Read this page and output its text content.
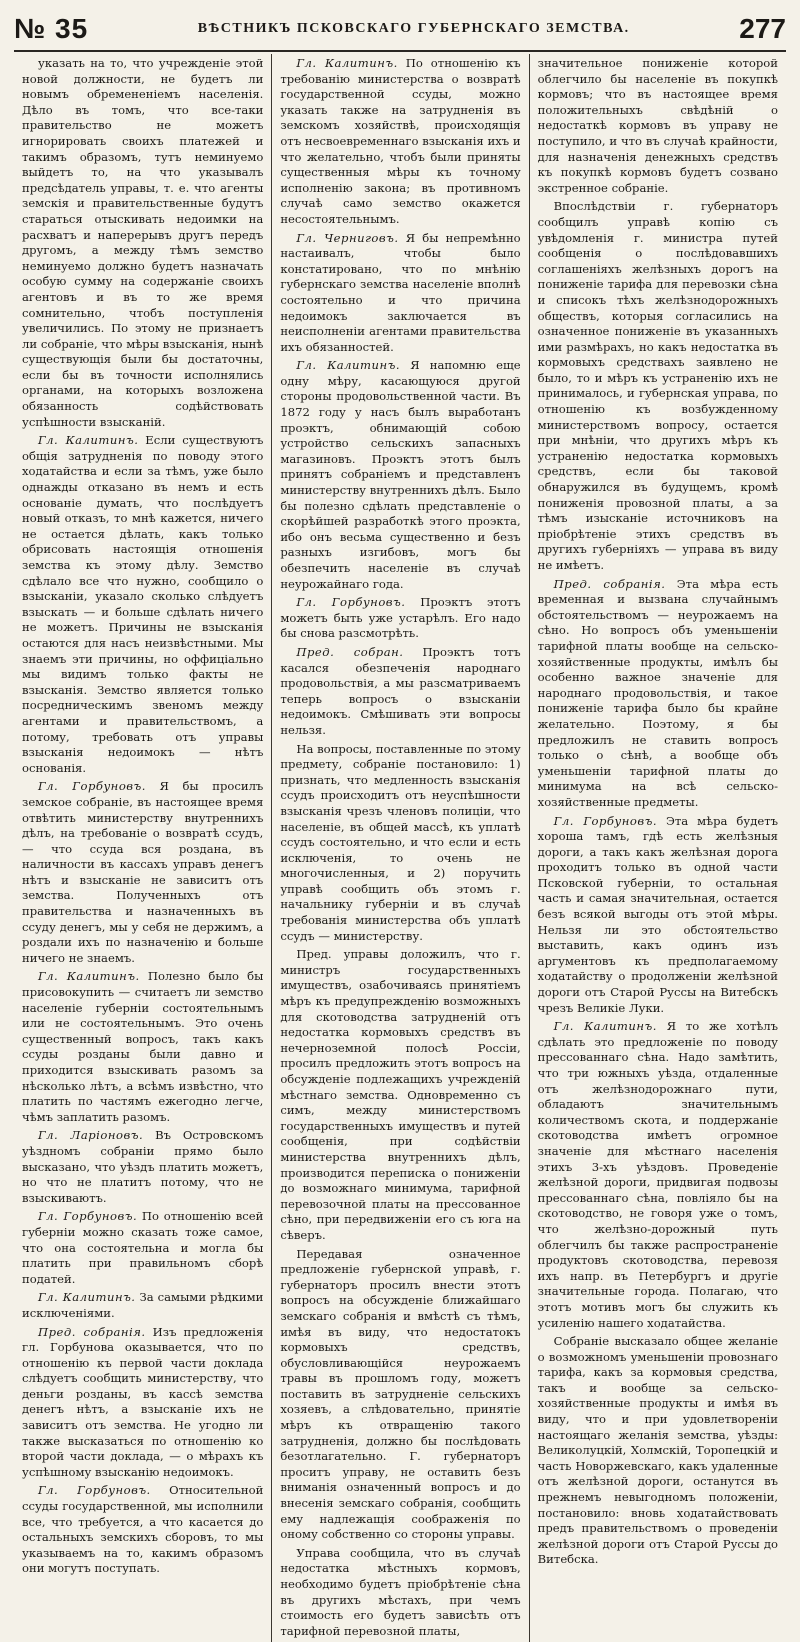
№ 35	ВѢСТНИКЪ ПСКОВСКАГО ГУБЕРНСКАГО ЗЕМСТВА.	277

указать на то, что учрежденіе этой новой должности, не будетъ ли новымъ обремененіемъ населенія. Дѣло въ томъ, что все-таки правительство не можетъ игнорировать своихъ платежей и такимъ образомъ, тутъ неминуемо выйдетъ то, на что указывалъ предсѣдатель управы, т. е. что агенты земскія и правительственные будутъ стараться отыскивать недоимки на расхватъ и наперерывъ другъ передъ другомъ, а между тѣмъ земство неминуемо должно будетъ назначать особую сумму на содержаніе своихъ агентовъ и въ то же время сомнительно, чтобъ поступленія увеличились. По этому не признаетъ ли собраніе, что мѣры взысканія, нынѣ существующія были бы достаточны, если бы въ точности исполнялись органами, на которыхъ возложена обязанность содѣйствовать успѣшности взысканій.

Гл. Калитинъ. Если существуютъ общія затрудненія по поводу этого ходатайства и если за тѣмъ, уже было однажды отказано въ немъ и есть основаніе думать, что послѣдуетъ новый отказъ, то мнѣ кажется, ничего не остается дѣлать, какъ только обрисовать настоящія отношенія земства къ этому дѣлу. Земство сдѣлало все что нужно, сообщило о взысканіи, указало сколько слѣдуетъ взыскать — и больше сдѣлать ничего не можетъ. Причины не взысканія остаются для насъ неизвѣстными. Мы знаемъ эти причины, но оффиціально мы видимъ только факты не взысканія. Земство является только посредническимъ звеномъ между агентами и правительствомъ, а потому, требовать отъ управы взысканія недоимокъ — нѣтъ основанія.

Гл. Горбуновъ. Я бы просилъ земское собраніе, въ настоящее время отвѣтить министерству внутреннихъ дѣлъ, на требованіе о возвратѣ ссудъ, — что ссуда вся роздана, въ наличности въ кассахъ управъ денегъ нѣтъ и взысканіе не зависитъ отъ земства. Полученныхъ отъ правительства и назначенныхъ въ ссуду денегъ, мы у себя не держимъ, а роздали ихъ по назначенію и больше ничего не знаемъ.

Гл. Калитинъ. Полезно было бы присовокупить — считаетъ ли земство населеніе губерніи состоятельнымъ или не состоятельнымъ. Это очень существенный вопросъ, такъ какъ ссуды розданы были давно и приходится взыскивать разомъ за нѣсколько лѣтъ, а всѣмъ извѣстно, что платить по частямъ ежегодно легче, чѣмъ заплатить разомъ.

Гл. Ларіоновъ. Въ Островскомъ уѣздномъ собраніи прямо было высказано, что уѣздъ платить можетъ, но что не платитъ потому, что не взыскиваютъ.

Гл. Горбуновъ. По отношенію всей губерніи можно сказать тоже самое, что она состоятельна и могла бы платить при правильномъ сборѣ податей.

Гл. Калитинъ. За самыми рѣдкими исключеніями.

Пред. собранія. Изъ предложенія гл. Горбунова оказывается, что по отношенію къ первой части доклада слѣдуетъ сообщить министерству, что деньги розданы, въ кассѣ земства денегъ нѣтъ, а взысканіе ихъ не зависитъ отъ земства. Не угодно ли также высказаться по отношенію ко второй части доклада, — о мѣрахъ къ успѣшному взысканію недоимокъ.

Гл. Горбуновъ. Относительной ссуды государственной, мы исполнили все, что требуется, а что касается до остальныхъ земскихъ сборовъ, то мы указываемъ на то, какимъ образомъ они могутъ поступать.

Гл. Калитинъ. По отношенію къ требованію министерства о возвратѣ государственной ссуды, можно указать также на затрудненія въ земскомъ хозяйствѣ, происходящія отъ несвоевременнаго взысканія ихъ и что желательно, чтобъ были приняты существенныя мѣры къ точному исполненію закона; въ противномъ случаѣ само земство окажется несостоятельнымъ.

Гл. Черниговъ. Я бы непремѣнно настаивалъ, чтобы было констатировано, что по мнѣнію губернскаго земства населеніе вполнѣ состоятельно и что причина недоимокъ заключается въ неисполненіи агентами правительства ихъ обязанностей.

Гл. Калитинъ. Я напомню еще одну мѣру, касающуюся другой стороны продовольственной части. Въ 1872 году у насъ былъ выработанъ проэктъ, обнимающій собою устройство сельскихъ запасныхъ магазиновъ. Проэктъ этотъ былъ принятъ собраніемъ и представленъ министерству внутреннихъ дѣлъ. Было бы полезно сдѣлать представленіе о скорѣйшей разработкѣ этого проэкта, ибо онъ весьма существенно и безъ разныхъ изгибовъ, могъ бы обезпечить населеніе въ случаѣ неурожайнаго года.

Гл. Горбуновъ. Проэктъ этотъ можетъ быть уже устарѣлъ. Его надо бы снова разсмотрѣть.

Пред. собран. Проэктъ тотъ касался обезпеченія народнаго продовольствія, а мы разсматриваемъ теперь вопросъ о взысканіи недоимокъ. Смѣшивать эти вопросы нельзя.

На вопросы, поставленные по этому предмету, собраніе постановило: 1) признать, что медленность взысканія ссудъ происходитъ отъ неуспѣшности взысканія чрезъ членовъ полиціи, что населеніе, въ общей массѣ, къ уплатѣ ссудъ состоятельно, и что если и есть исключенія, то очень не многочисленныя, и 2) поручить управѣ сообщить объ этомъ г. начальнику губерніи и въ случаѣ требованія министерства объ уплатѣ ссудъ — министерству.

Пред. управы доложилъ, что г. министръ государственныхъ имуществъ, озабочиваясь принятіемъ мѣръ къ предупрежденію возможныхъ для скотоводства затрудненій отъ недостатка кормовыхъ средствъ въ нечерноземной полосѣ Россіи, просилъ предложить этотъ вопросъ на обсужденіе подлежащихъ учрежденій мѣстнаго земства. Одновременно съ симъ, между министерствомъ государственныхъ имуществъ и путей сообщенія, при содѣйствіи министерства внутреннихъ дѣлъ, производится переписка о пониженіи до возможнаго минимума, тарифной перевозочной платы на прессованное сѣно, при передвиженіи его съ юга на сѣверъ.

Передавая означенное предложеніе губернской управѣ, г. губернаторъ просилъ внести этотъ вопросъ на обсужденіе ближайшаго земскаго собранія и вмѣстѣ съ тѣмъ, имѣя въ виду, что недостатокъ кормовыхъ средствъ, обусловливающійся неурожаемъ травы въ прошломъ году, можетъ поставить въ затрудненіе сельскихъ хозяевъ, а слѣдовательно, принятіе мѣръ къ отвращенію такого затрудненія, должно бы послѣдовать безотлагательно. Г. губернаторъ проситъ управу, не оставить безъ вниманія означенный вопросъ и до внесенія земскаго собранія, сообщить ему надлежащія соображенія по оному собственно со стороны управы.

Управа сообщила, что въ случаѣ недостатка мѣстныхъ кормовъ, необходимо будетъ пріобрѣтеніе сѣна въ другихъ мѣстахъ, при чемъ стоимость его будетъ зависѣть отъ тарифной перевозной платы,

значительное пониженіе которой облегчило бы населеніе въ покупкѣ кормовъ; что въ настоящее время положительныхъ свѣдѣній о недостаткѣ кормовъ въ управу не поступило, и что въ случаѣ крайности, для назначенія денежныхъ средствъ къ покупкѣ кормовъ будетъ созвано экстренное собраніе.

Впослѣдствіи г. губернаторъ сообщилъ управѣ копію съ увѣдомленія г. министра путей сообщенія о послѣдовавшихъ соглашеніяхъ желѣзныхъ дорогъ на пониженіе тарифа для перевозки сѣна и списокъ тѣхъ желѣзнодорожныхъ обществъ, которыя согласились на означенное пониженіе въ указанныхъ ими размѣрахъ, но какъ недостатка въ кормовыхъ средствахъ заявлено не было, то и мѣръ къ устраненію ихъ не принималось, и губернская управа, по отношенію къ возбужденному министерствомъ вопросу, остается при мнѣніи, что другихъ мѣръ къ устраненію недостатка кормовыхъ средствъ, если бы таковой обнаружился въ будущемъ, кромѣ пониженія провозной платы, а за тѣмъ изысканіе источниковъ на пріобрѣтеніе этихъ средствъ въ другихъ губерніяхъ — управа въ виду не имѣетъ.

Пред. собранія. Эта мѣра есть временная и вызвана случайнымъ обстоятельствомъ — неурожаемъ на сѣно. Но вопросъ объ уменьшеніи тарифной платы вообще на сельско-хозяйственные продукты, имѣлъ бы особенно важное значеніе для народнаго продовольствія, и такое пониженіе тарифа было бы крайне желательно. Поэтому, я бы предложилъ не ставить вопросъ только о сѣнѣ, а вообще объ уменьшеніи тарифной платы до минимума на всѣ сельско-хозяйственные предметы.

Гл. Горбуновъ. Эта мѣра будетъ хороша тамъ, гдѣ есть желѣзныя дороги, а такъ какъ желѣзная дорога проходитъ только въ одной части Псковской губерніи, то остальная часть и самая значительная, остается безъ всякой выгоды отъ этой мѣры. Нельзя ли это обстоятельство выставить, какъ одинъ изъ аргументовъ къ предполагаемому ходатайству о продолженіи желѣзной дороги отъ Старой Руссы на Витебскъ чрезъ Великіе Луки.

Гл. Калитинъ. Я то же хотѣлъ сдѣлать это предложеніе по поводу прессованнаго сѣна. Надо замѣтить, что три южныхъ уѣзда, отдаленные отъ желѣзнодорожнаго пути, обладаютъ значительнымъ количествомъ скота, и поддержаніе скотоводства имѣетъ огромное значеніе для мѣстнаго населенія этихъ 3-хъ уѣздовъ. Проведеніе желѣзной дороги, придвигая подвозы прессованнаго сѣна, повліяло бы на скотоводство, не говоря уже о томъ, что желѣзно-дорожный путь облегчилъ бы также распространеніе продуктовъ скотоводства, перевозя ихъ напр. въ Петербургъ и другіе значительные города. Полагаю, что этотъ мотивъ могъ бы служить къ усиленію нашего ходатайства.

Собраніе высказало общее желаніе о возможномъ уменьшеніи провознаго тарифа, какъ за кормовыя средства, такъ и вообще за сельско-хозяйственные продукты и имѣя въ виду, что и при удовлетвореніи настоящаго желанія земства, уѣзды: Великолуцкій, Холмскій, Торопецкій и часть Новоржевскаго, какъ удаленные отъ желѣзной дороги, останутся въ прежнемъ невыгодномъ положеніи, постановило: вновь ходатайствовать предъ правительствомъ о проведеніи желѣзной дороги отъ Старой Руссы до Витебска.
